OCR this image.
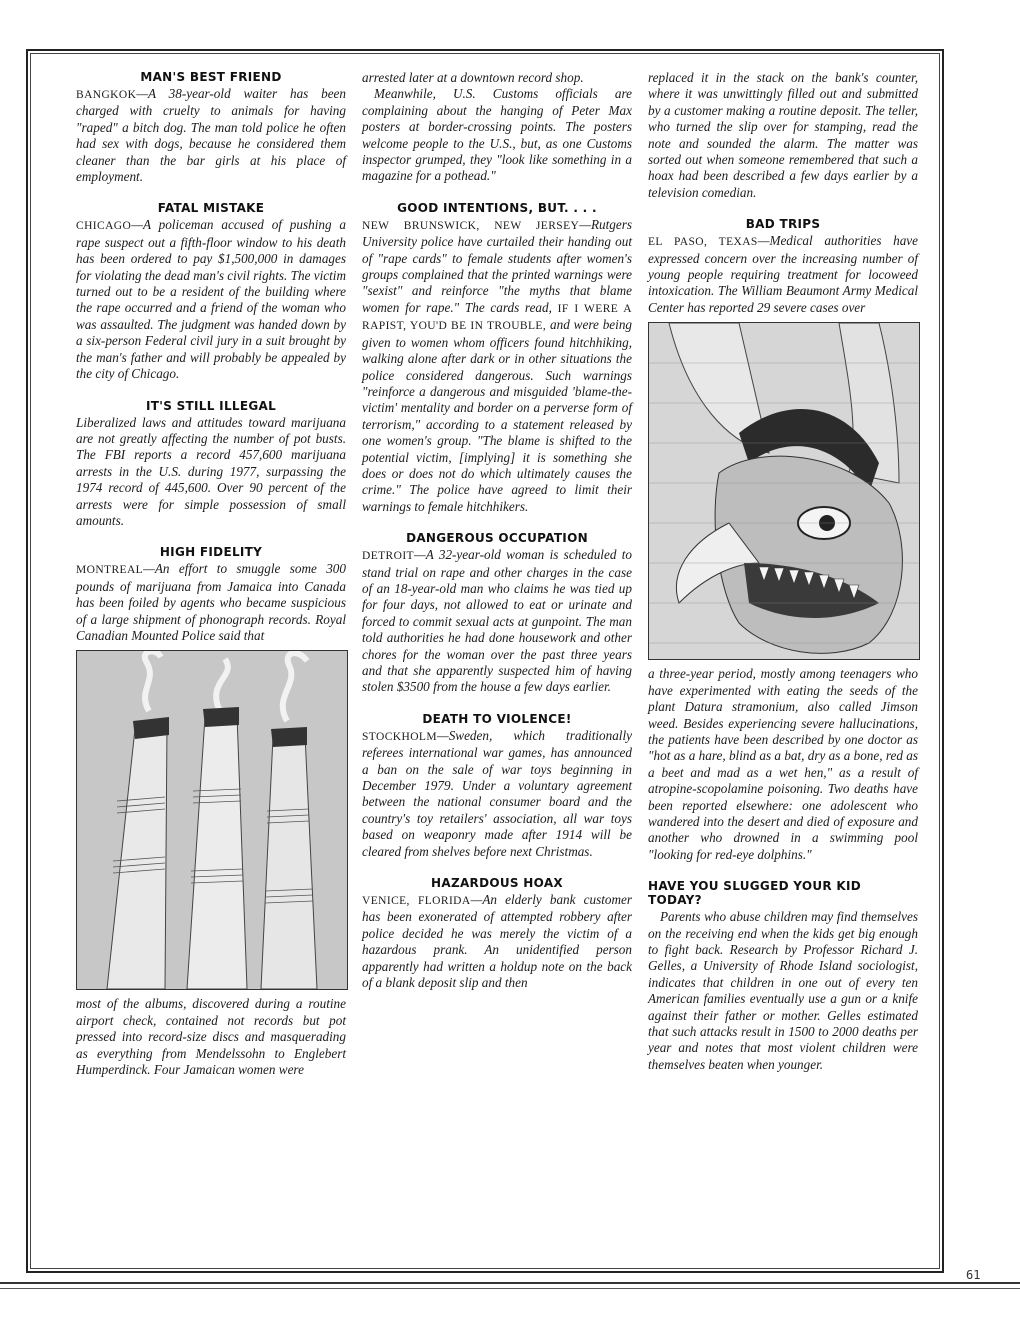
MAN'S BEST FRIEND

BANGKOK—A 38-year-old waiter has been charged with cruelty to animals for having "raped" a bitch dog. The man told police he often had sex with dogs, because he considered them cleaner than the bar girls at his place of employment.

FATAL MISTAKE

CHICAGO—A policeman accused of pushing a rape suspect out a fifth-floor window to his death has been ordered to pay $1,500,000 in damages for violating the dead man's civil rights. The victim turned out to be a resident of the building where the rape occurred and a friend of the woman who was assaulted. The judgment was handed down by a six-person Federal civil jury in a suit brought by the man's father and will probably be appealed by the city of Chicago.

IT'S STILL ILLEGAL

Liberalized laws and attitudes toward marijuana are not greatly affecting the number of pot busts. The FBI reports a record 457,600 marijuana arrests in the U.S. during 1977, surpassing the 1974 record of 445,600. Over 90 percent of the arrests were for simple possession of small amounts.

HIGH FIDELITY

MONTREAL—An effort to smuggle some 300 pounds of marijuana from Jamaica into Canada has been foiled by agents who became suspicious of a large shipment of phonograph records. Royal Canadian Mounted Police said that

most of the albums, discovered during a routine airport check, contained not records but pot pressed into record-size discs and masquerading as everything from Mendelssohn to Englebert Humperdinck. Four Jamaican women were

arrested later at a downtown record shop.

Meanwhile, U.S. Customs officials are complaining about the hanging of Peter Max posters at border-crossing points. The posters welcome people to the U.S., but, as one Customs inspector grumped, they "look like something in a magazine for a pothead."

GOOD INTENTIONS, BUT. . . .

NEW BRUNSWICK, NEW JERSEY—Rutgers University police have curtailed their handing out of "rape cards" to female students after women's groups complained that the printed warnings were "sexist" and reinforce "the myths that blame women for rape." The cards read, IF I WERE A RAPIST, YOU'D BE IN TROUBLE, and were being given to women whom officers found hitchhiking, walking alone after dark or in other situations the police considered dangerous. Such warnings "reinforce a dangerous and misguided 'blame-the-victim' mentality and border on a perverse form of terrorism," according to a statement released by one women's group. "The blame is shifted to the potential victim, [implying] it is something she does or does not do which ultimately causes the crime." The police have agreed to limit their warnings to female hitchhikers.

DANGEROUS OCCUPATION

DETROIT—A 32-year-old woman is scheduled to stand trial on rape and other charges in the case of an 18-year-old man who claims he was tied up for four days, not allowed to eat or urinate and forced to commit sexual acts at gunpoint. The man told authorities he had done housework and other chores for the woman over the past three years and that she apparently suspected him of having stolen $3500 from the house a few days earlier.

DEATH TO VIOLENCE!

STOCKHOLM—Sweden, which traditionally referees international war games, has announced a ban on the sale of war toys beginning in December 1979. Under a voluntary agreement between the national consumer board and the country's toy retailers' association, all war toys based on weaponry made after 1914 will be cleared from shelves before next Christmas.

HAZARDOUS HOAX

VENICE, FLORIDA—An elderly bank customer has been exonerated of attempted robbery after police decided he was merely the victim of a hazardous prank. An unidentified person apparently had written a holdup note on the back of a blank deposit slip and then

replaced it in the stack on the bank's counter, where it was unwittingly filled out and submitted by a customer making a routine deposit. The teller, who turned the slip over for stamping, read the note and sounded the alarm. The matter was sorted out when someone remembered that such a hoax had been described a few days earlier by a television comedian.

BAD TRIPS

EL PASO, TEXAS—Medical authorities have expressed concern over the increasing number of young people requiring treatment for locoweed intoxication. The William Beaumont Army Medical Center has reported 29 severe cases over

a three-year period, mostly among teenagers who have experimented with eating the seeds of the plant Datura stramonium, also called Jimson weed. Besides experiencing severe hallucinations, the patients have been described by one doctor as "hot as a hare, blind as a bat, dry as a bone, red as a beet and mad as a wet hen," as a result of atropine-scopolamine poisoning. Two deaths have been reported elsewhere: one adolescent who wandered into the desert and died of exposure and another who drowned in a swimming pool "looking for red-eye dolphins."

HAVE YOU SLUGGED YOUR KID TODAY?

Parents who abuse children may find themselves on the receiving end when the kids get big enough to fight back. Research by Professor Richard J. Gelles, a University of Rhode Island sociologist, indicates that children in one out of every ten American families eventually use a gun or a knife against their father or mother. Gelles estimated that such attacks result in 1500 to 2000 deaths per year and notes that most violent children were themselves beaten when younger.

61
